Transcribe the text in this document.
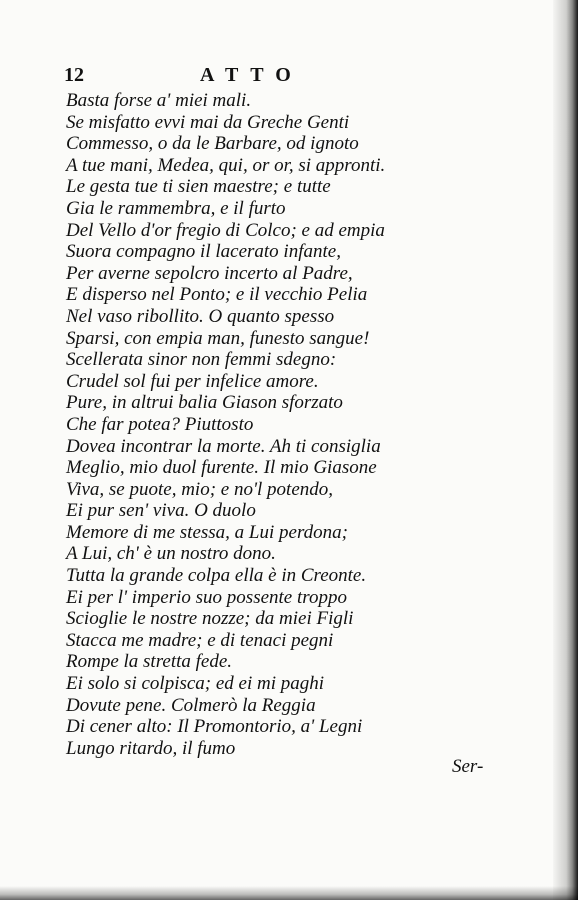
12	ATTO
Basta forse a' miei mali.
Se misfatto evvi mai da Greche Genti
Commesso, o da le Barbare, od ignoto
A tue mani, Medea, qui, or or, si appronti.
Le gesta tue ti sien maestre; e tutte
Gia le rammembra, e il furto
Del Vello d'or fregio di Colco; e ad empia
Suora compagno il lacerato infante,
Per averne sepolcro incerto al Padre,
E disperso nel Ponto; e il vecchio Pelia
Nel vaso ribollito. O quanto spesso
Sparsi, con empia man, funesto sangue!
Scellerata sinor non femmi sdegno:
Crudel sol fui per infelice amore.
Pure, in altrui balia Giason sforzato
Che far potea? Piuttosto
Dovea incontrar la morte. Ah ti consiglia
Meglio, mio duol furente. Il mio Giasone
Viva, se puote, mio; e no'l potendo,
Ei pur sen' viva. O duolo
Memore di me stessa, a Lui perdona;
A Lui, ch' è un nostro dono.
Tutta la grande colpa ella è in Creonte.
Ei per l' imperio suo possente troppo
Scioglie le nostre nozze; da miei Figli
Stacca me madre; e di tenaci pegni
Rompe la stretta fede.
Ei solo si colpisca; ed ei mi paghi
Dovute pene. Colmerò la Reggia
Di cener alto: Il Promontorio, a' Legni
Lungo ritardo, il fumo
Ser-
